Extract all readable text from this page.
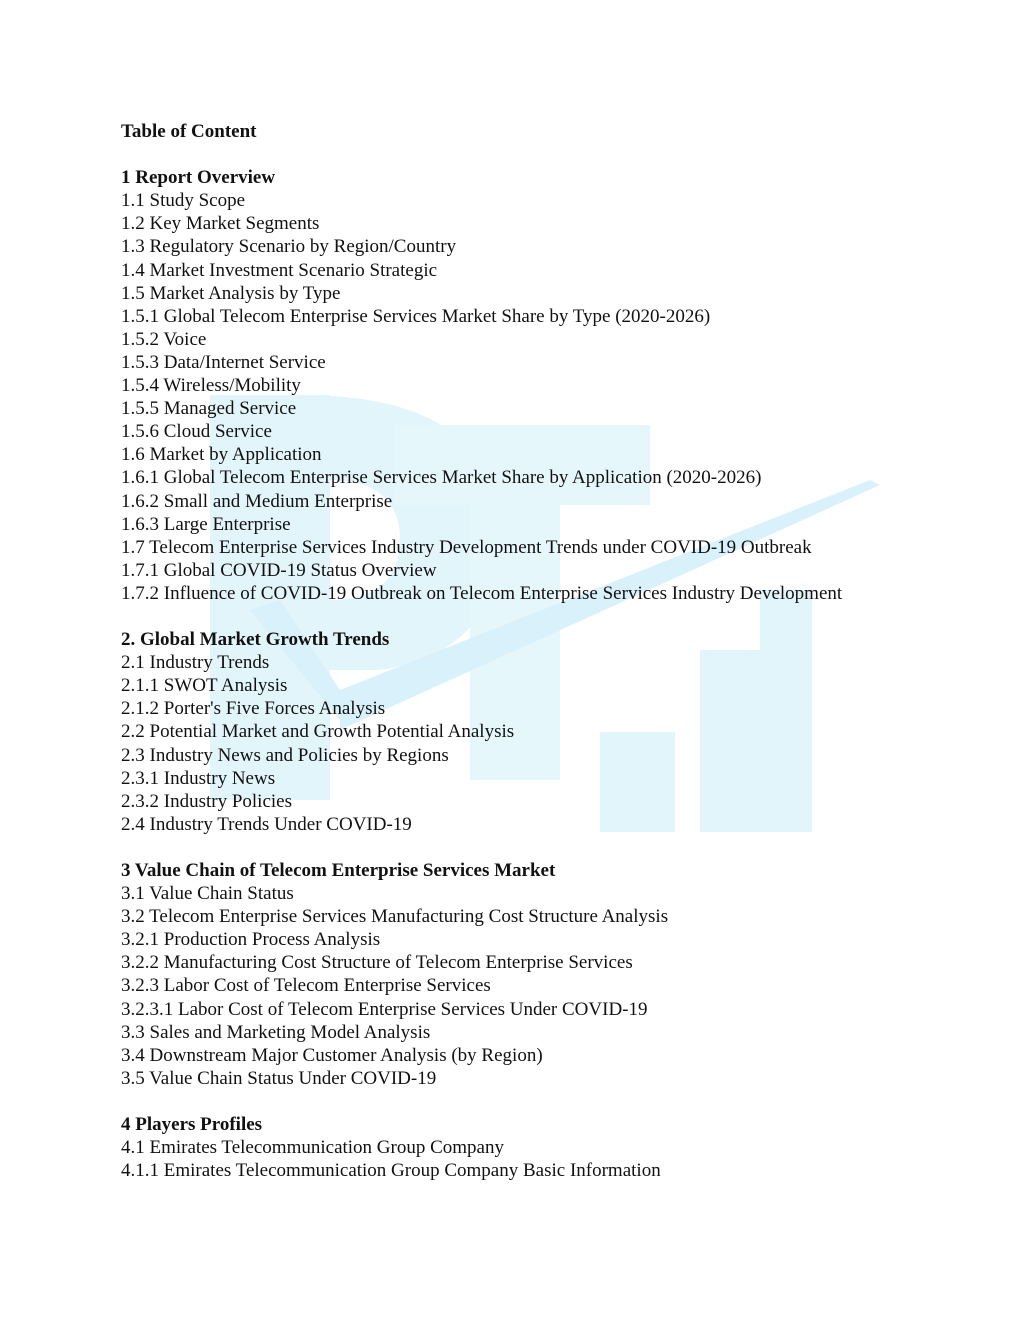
Table of Content

1 Report Overview

1.1 Study Scope

1.2 Key Market Segments

1.3 Regulatory Scenario by Region/Country

1.4 Market Investment Scenario Strategic

1.5 Market Analysis by Type

1.5.1 Global Telecom Enterprise Services Market Share by Type (2020-2026)

1.5.2 Voice

1.5.3 Data/Internet Service

1.5.4 Wireless/Mobility

1.5.5 Managed Service

1.5.6 Cloud Service

1.6 Market by Application

1.6.1 Global Telecom Enterprise Services Market Share by Application (2020-2026)

1.6.2 Small and Medium Enterprise

1.6.3 Large Enterprise

1.7 Telecom Enterprise Services Industry Development Trends under COVID-19 Outbreak

1.7.1 Global COVID-19 Status Overview

1.7.2 Influence of COVID-19 Outbreak on Telecom Enterprise Services Industry Development

2. Global Market Growth Trends

2.1 Industry Trends

2.1.1 SWOT Analysis

2.1.2 Porter's Five Forces Analysis

2.2 Potential Market and Growth Potential Analysis

2.3 Industry News and Policies by Regions

2.3.1 Industry News

2.3.2 Industry Policies

2.4 Industry Trends Under COVID-19

3 Value Chain of Telecom Enterprise Services Market

3.1 Value Chain Status

3.2 Telecom Enterprise Services Manufacturing Cost Structure Analysis

3.2.1 Production Process Analysis

3.2.2 Manufacturing Cost Structure of Telecom Enterprise Services

3.2.3 Labor Cost of Telecom Enterprise Services

3.2.3.1 Labor Cost of Telecom Enterprise Services Under COVID-19

3.3 Sales and Marketing Model Analysis

3.4 Downstream Major Customer Analysis (by Region)

3.5 Value Chain Status Under COVID-19

4 Players Profiles

4.1 Emirates Telecommunication Group Company

4.1.1 Emirates Telecommunication Group Company Basic Information
